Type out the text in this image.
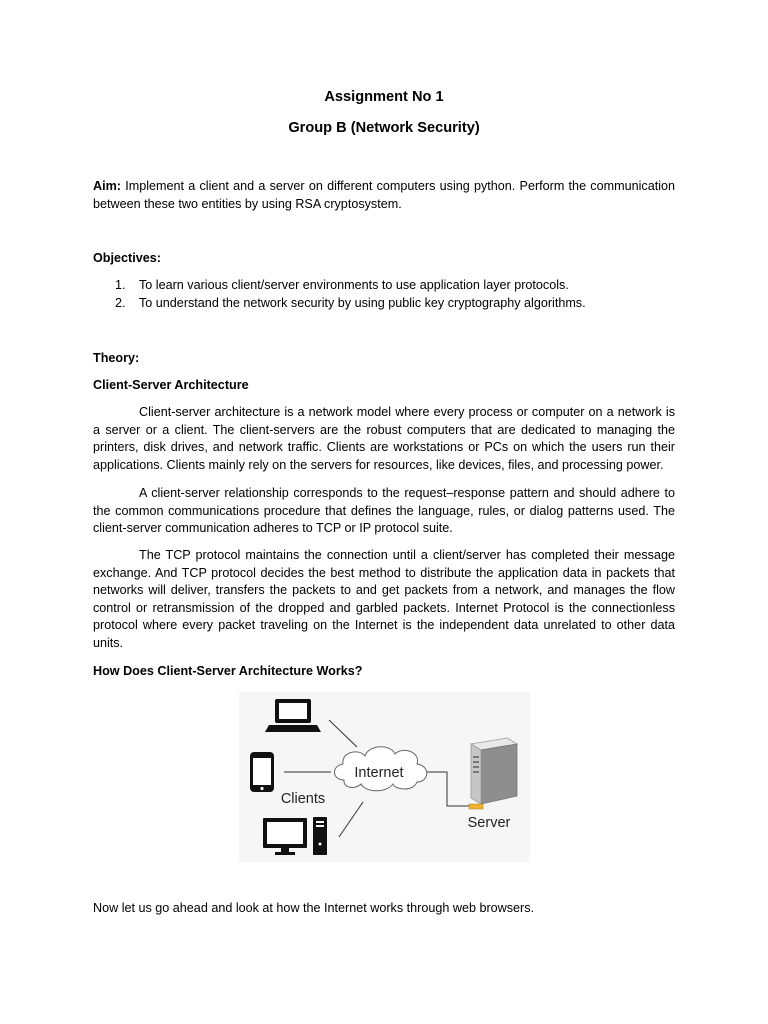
Assignment No 1
Group B (Network Security)

Aim: Implement a client and a server on different computers using python. Perform the communication between these two entities by using RSA cryptosystem.

Objectives:
1. To learn various client/server environments to use application layer protocols.
2. To understand the network security by using public key cryptography algorithms.
Theory:
Client-Server Architecture

Client-server architecture is a network model where every process or computer on a network is a server or a client. The client-servers are the robust computers that are dedicated to managing the printers, disk drives, and network traffic. Clients are workstations or PCs on which the users run their applications. Clients mainly rely on the servers for resources, like devices, files, and processing power.

A client-server relationship corresponds to the request–response pattern and should adhere to the common communications procedure that defines the language, rules, or dialog patterns used. The client-server communication adheres to TCP or IP protocol suite.

The TCP protocol maintains the connection until a client/server has completed their message exchange. And TCP protocol decides the best method to distribute the application data in packets that networks will deliver, transfers the packets to and get packets from a network, and manages the flow control or retransmission of the dropped and garbled packets. Internet Protocol is the connectionless protocol where every packet traveling on the Internet is the independent data unrelated to other data units.

How Does Client-Server Architecture Works?

Now let us go ahead and look at how the Internet works through web browsers.

Internet
Clients
Server
